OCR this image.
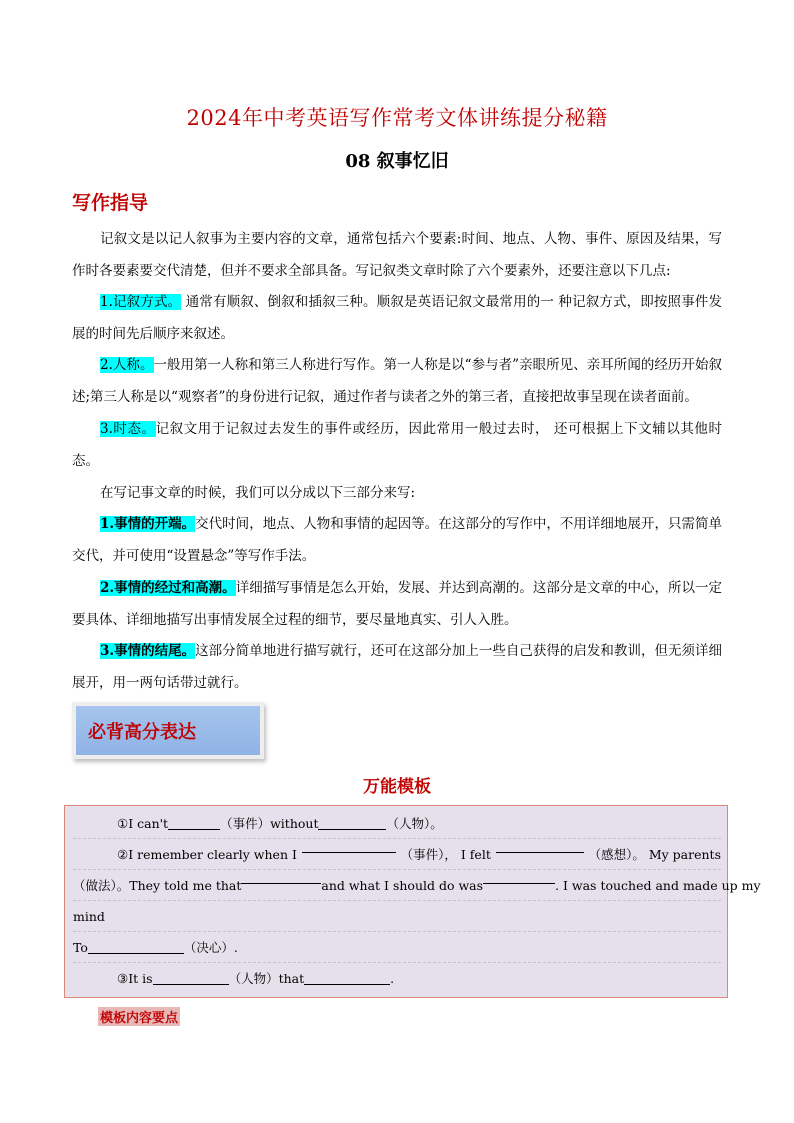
2024年中考英语写作常考文体讲练提分秘籍
08 叙事忆旧
写作指导
记叙文是以记人叙事为主要内容的文章，通常包括六个要素:时间、地点、人物、事件、原因及结果，写作时各要素要交代清楚，但并不要求全部具备。写记叙类文章时除了六个要素外，还要注意以下几点:
1.记叙方式。 通常有顺叙、倒叙和插叙三种。顺叙是英语记叙文最常用的一 种记叙方式，即按照事件发展的时间先后顺序来叙述。
2.人称。一般用第一人称和第三人称进行写作。第一人称是以“参与者”亲眼所见、亲耳所闻的经历开始叙述;第三人称是以“观察者”的身份进行记叙，通过作者与读者之外的第三者，直接把故事呈现在读者面前。
3.时态。记叙文用于记叙过去发生的事件或经历，因此常用一般过去时， 还可根据上下文辅以其他时态。
在写记事文章的时候，我们可以分成以下三部分来写:
1.事情的开端。交代时间，地点、人物和事情的起因等。在这部分的写作中，不用详细地展开，只需简单交代，并可使用“设置悬念”等写作手法。
2.事情的经过和高潮。详细描写事情是怎么开始，发展、并达到高潮的。这部分是文章的中心，所以一定要具体、详细地描写出事情发展全过程的细节，要尽量地真实、引人入胜。
3.事情的结尾。这部分简单地进行描写就行，还可在这部分加上一些自己获得的启发和教训，但无须详细展开，用一两句话带过就行。
必背高分表达
万能模板
①I can't	（事件）without	（人物）。
②I remember clearly when I	（事件）， I felt	（感想）。 My parents
（做法）。They told me that	and what I should do was	. I was touched and made up my
mind
To	（决心）.
③It is	（人物）that	.
模板内容要点
